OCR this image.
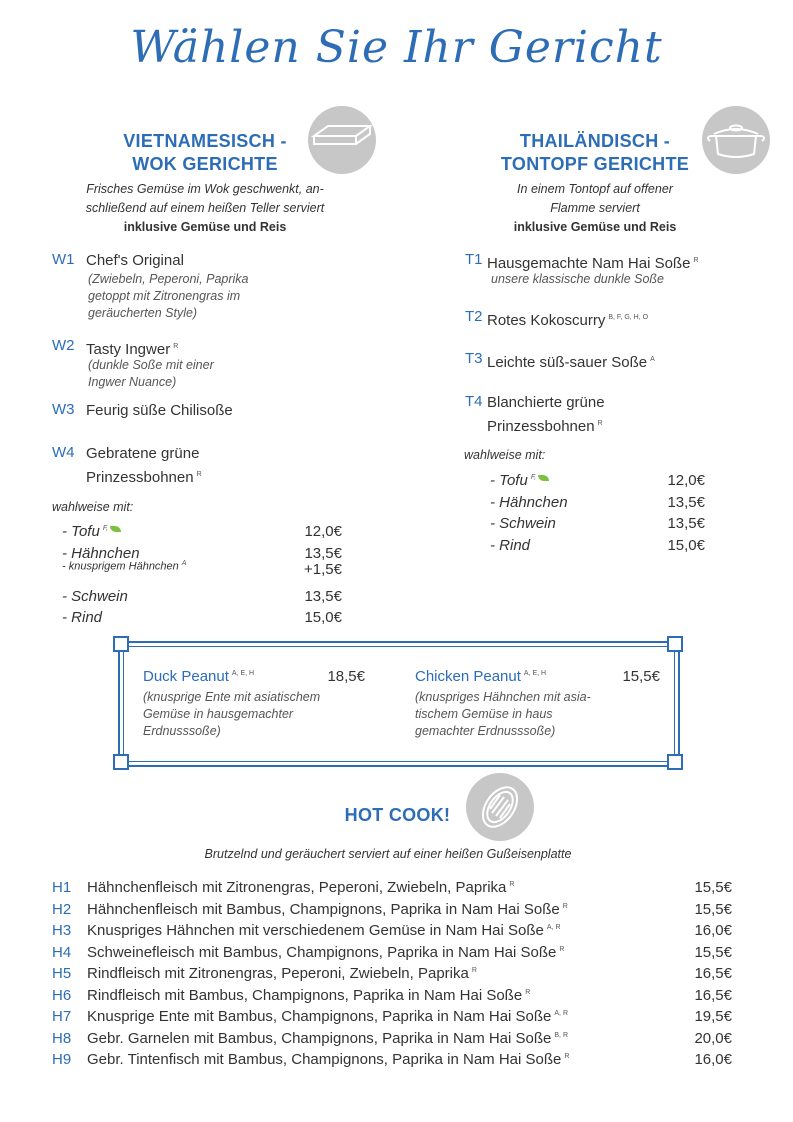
Wählen Sie Ihr Gericht
VIETNAMESISCH -
WOK GERICHTE
Frisches Gemüse im Wok geschwenkt, an-
schließend auf einem heißen Teller serviert
inklusive Gemüse und Reis
W1 Chef's Original
(Zwiebeln, Peperoni, Paprika
getoppt mit Zitronengras im
geräucherten Style)
W2 Tasty Ingwer $^R$
(dunkle Soße mit einer
Ingwer Nuance)
W3 Feurig süße Chilisoße
W4 Gebratene grüne
Prinzessbohnen $^R$
wahlweise mit:
- Tofu $^{F,}$	12,0€
- Hähnchen	13,5€
- knusprigem Hähnchen $^A$	+1,5€
- Schwein	13,5€
- Rind	15,0€
THAILÄNDISCH -
TONTOPF GERICHTE
In einem Tontopf auf offener
Flamme serviert
inklusive Gemüse und Reis
T1 Hausgemachte Nam Hai Soße $^R$
unsere klassische dunkle Soße
T2 Rotes Kokoscurry $^{B, F, G, H, O}$
T3 Leichte süß-sauer Soße $^A$
T4 Blanchierte grüne
Prinzessbohnen $^R$
wahlweise mit:
- Tofu $^{F,}$	12,0€
- Hähnchen	13,5€
- Schwein	13,5€
- Rind	15,0€
Duck Peanut $^{A, E, H}$	18,5€
(knusprige Ente mit asiatischem
Gemüse in hausgemachter
Erdnusssoße)
Chicken Peanut $^{A, E, H}$	15,5€
(knuspriges Hähnchen mit asia-
tischem Gemüse in haus
gemachter Erdnusssoße)
HOT COOK!
Brutzelnd und geräuchert serviert auf einer heißen Gußeisenplatte
H1 Hähnchenfleisch mit Zitronengras, Peperoni, Zwiebeln, Paprika $^R$	15,5€
H2 Hähnchenfleisch mit Bambus, Champignons, Paprika in Nam Hai Soße $^R$	15,5€
H3 Knuspriges Hähnchen mit verschiedenem Gemüse in Nam Hai Soße $^{A, R}$	16,0€
H4 Schweinefleisch mit Bambus, Champignons, Paprika in Nam Hai Soße $^R$	15,5€
H5 Rindfleisch mit Zitronengras, Peperoni, Zwiebeln, Paprika $^R$	16,5€
H6 Rindfleisch mit Bambus, Champignons, Paprika in Nam Hai Soße $^R$	16,5€
H7 Knusprige Ente mit Bambus, Champignons, Paprika in Nam Hai Soße $^{A, R}$	19,5€
H8 Gebr. Garnelen mit Bambus, Champignons, Paprika in Nam Hai Soße $^{B, R}$	20,0€
H9 Gebr. Tintenfisch mit Bambus, Champignons, Paprika in Nam Hai Soße $^R$	16,0€
